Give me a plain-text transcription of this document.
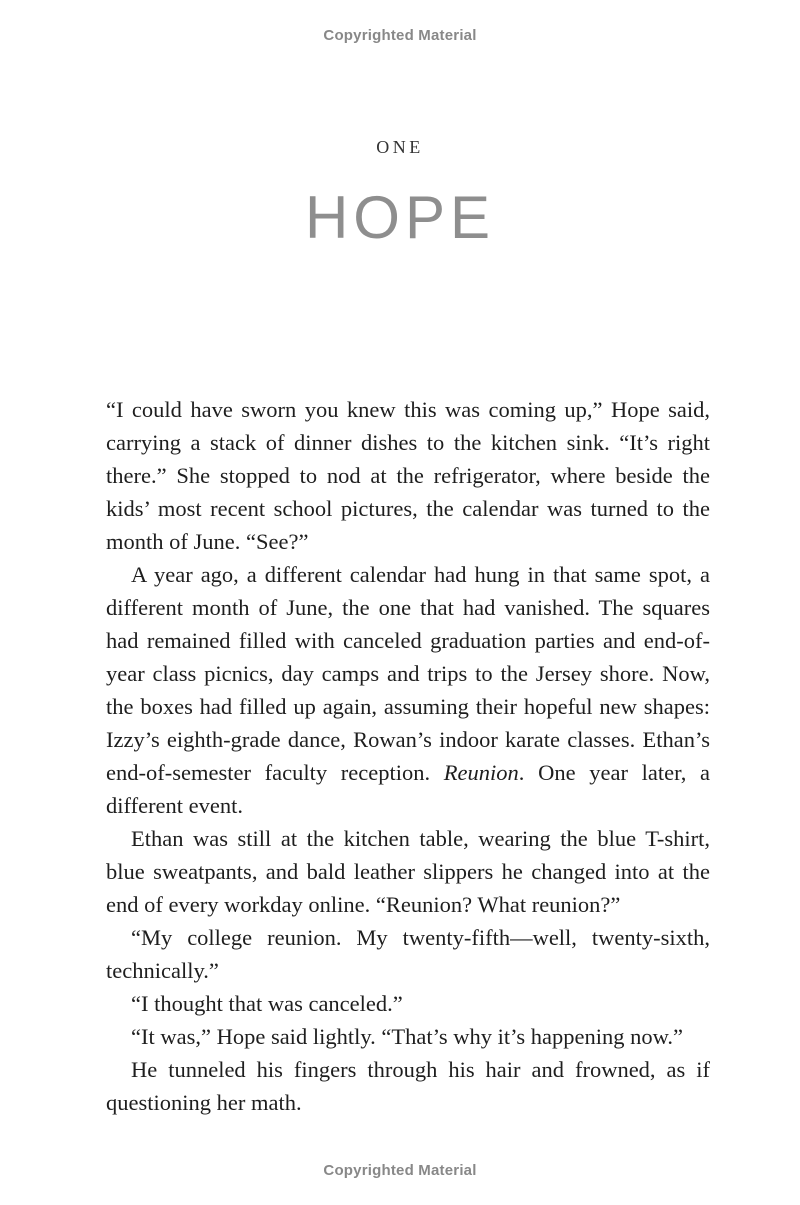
Copyrighted Material
ONE
HOPE

“I could have sworn you knew this was coming up,” Hope said, carrying a stack of dinner dishes to the kitchen sink. “It’s right there.” She stopped to nod at the refrigerator, where beside the kids’ most recent school pictures, the calendar was turned to the month of June. “See?”

A year ago, a different calendar had hung in that same spot, a different month of June, the one that had vanished. The squares had remained filled with canceled graduation parties and end-of-year class picnics, day camps and trips to the Jersey shore. Now, the boxes had filled up again, assuming their hopeful new shapes: Izzy’s eighth-grade dance, Rowan’s indoor karate classes. Ethan’s end-of-semester faculty reception. Reunion. One year later, a different event.

Ethan was still at the kitchen table, wearing the blue T-shirt, blue sweatpants, and bald leather slippers he changed into at the end of every workday online. “Reunion? What reunion?”

“My college reunion. My twenty-fifth—well, twenty-sixth, technically.”

“I thought that was canceled.”

“It was,” Hope said lightly. “That’s why it’s happening now.”

He tunneled his fingers through his hair and frowned, as if questioning her math.

Copyrighted Material
